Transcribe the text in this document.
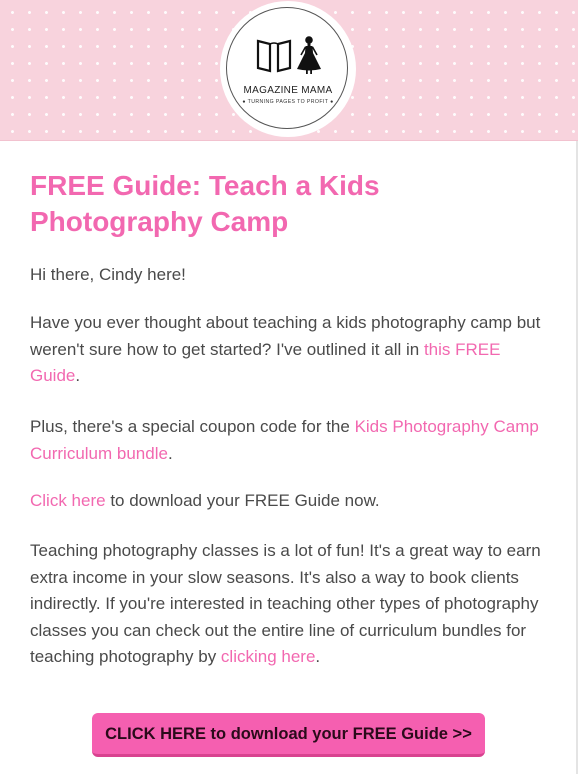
MAGAZINE MAMA
● TURNING PAGES TO PROFIT ●
FREE Guide: Teach a Kids Photography Camp

Hi there, Cindy here!

Have you ever thought about teaching a kids photography camp but weren't sure how to get started? I've outlined it all in this FREE Guide.

Plus, there's a special coupon code for the Kids Photography Camp Curriculum bundle.

Click here to download your FREE Guide now.

Teaching photography classes is a lot of fun! It's a great way to earn extra income in your slow seasons. It's also a way to book clients indirectly. If you're interested in teaching other types of photography classes you can check out the entire line of curriculum bundles for teaching photography by clicking here.

CLICK HERE to download your FREE Guide >>
